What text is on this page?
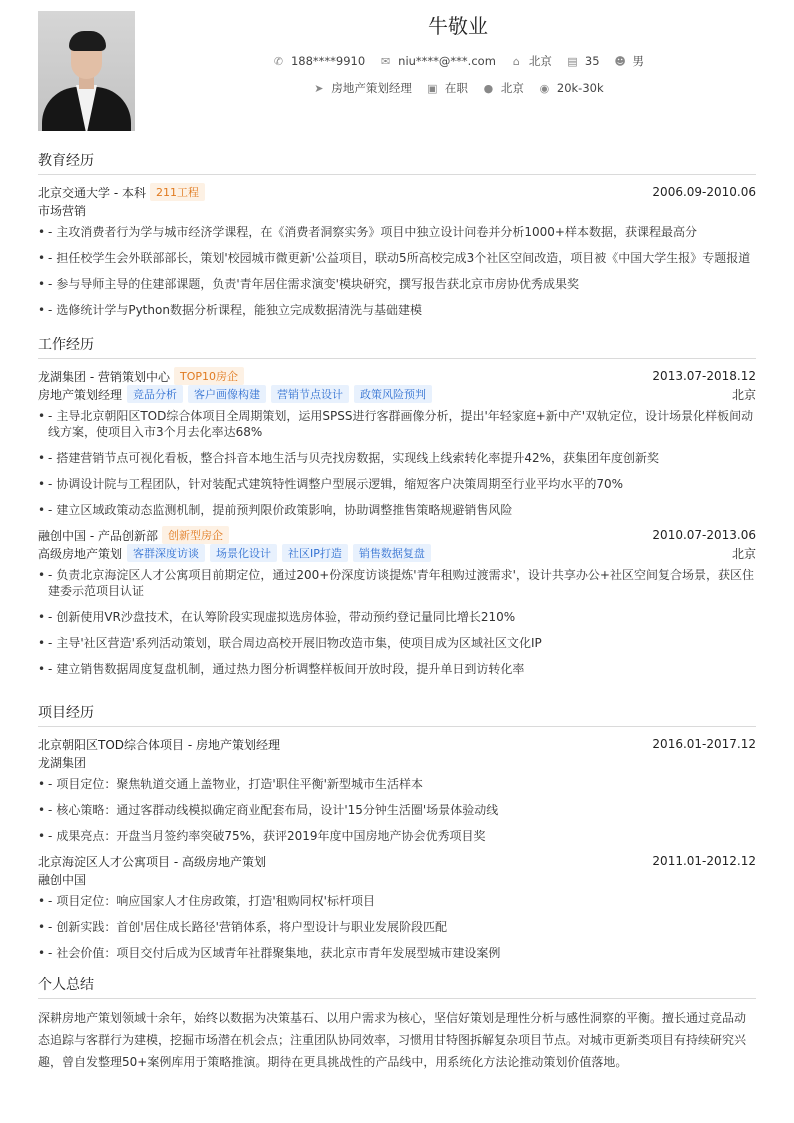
牛敬业
✆ 188****9910 ✉ niu****@***.com ⌂ 北京 ▤ 35 ☻ 男
➤ 房地产策划经理 ▣ 在职 ● 北京 ◉ 20k-30k
教育经历
北京交通大学 - 本科 211工程	2006.09-2010.06
市场营销
• - 主攻消费者行为学与城市经济学课程，在《消费者洞察实务》项目中独立设计问卷并分析1000+样本数据，获课程最高分
• - 担任校学生会外联部部长，策划'校园城市微更新'公益项目，联动5所高校完成3个社区空间改造，项目被《中国大学生报》专题报道
• - 参与导师主导的住建部课题，负责'青年居住需求演变'模块研究，撰写报告获北京市房协优秀成果奖
• - 选修统计学与Python数据分析课程，能独立完成数据清洗与基础建模
工作经历
龙湖集团 - 营销策划中心 TOP10房企	2013.07-2018.12
房地产策划经理	竞品分析	客户画像构建	营销节点设计	政策风险预判	北京
• - 主导北京朝阳区TOD综合体项目全周期策划，运用SPSS进行客群画像分析，提出'年轻家庭+新中产'双轨定位，设计场景化样板间动
线方案，使项目入市3个月去化率达68%
• - 搭建营销节点可视化看板，整合抖音本地生活与贝壳找房数据，实现线上线索转化率提升42%，获集团年度创新奖
• - 协调设计院与工程团队，针对装配式建筑特性调整户型展示逻辑，缩短客户决策周期至行业平均水平的70%
• - 建立区域政策动态监测机制，提前预判限价政策影响，协助调整推售策略规避销售风险
融创中国 - 产品创新部 创新型房企	2010.07-2013.06
高级房地产策划	客群深度访谈	场景化设计	社区IP打造	销售数据复盘	北京
• - 负责北京海淀区人才公寓项目前期定位，通过200+份深度访谈提炼'青年租购过渡需求'，设计共享办公+社区空间复合场景，获区住
建委示范项目认证
• - 创新使用VR沙盘技术，在认筹阶段实现虚拟选房体验，带动预约登记量同比增长210%
• - 主导'社区营造'系列活动策划，联合周边高校开展旧物改造市集，使项目成为区域社区文化IP
• - 建立销售数据周度复盘机制，通过热力图分析调整样板间开放时段，提升单日到访转化率
项目经历
北京朝阳区TOD综合体项目 - 房地产策划经理	2016.01-2017.12
龙湖集团
• - 项目定位：聚焦轨道交通上盖物业，打造'职住平衡'新型城市生活样本
• - 核心策略：通过客群动线模拟确定商业配套布局，设计'15分钟生活圈'场景体验动线
• - 成果亮点：开盘当月签约率突破75%，获评2019年度中国房地产协会优秀项目奖
北京海淀区人才公寓项目 - 高级房地产策划	2011.01-2012.12
融创中国
• - 项目定位：响应国家人才住房政策，打造'租购同权'标杆项目
• - 创新实践：首创'居住成长路径'营销体系，将户型设计与职业发展阶段匹配
• - 社会价值：项目交付后成为区域青年社群聚集地，获北京市青年发展型城市建设案例
个人总结

深耕房地产策划领域十余年，始终以数据为决策基石、以用户需求为核心，坚信好策划是理性分析与感性洞察的平衡。擅长通过竞品动态追踪与客群行为建模，挖掘市场潜在机会点；注重团队协同效率，习惯用甘特图拆解复杂项目节点。对城市更新类项目有持续研究兴趣，曾自发整理50+案例库用于策略推演。期待在更具挑战性的产品线中，用系统化方法论推动策划价值落地。
